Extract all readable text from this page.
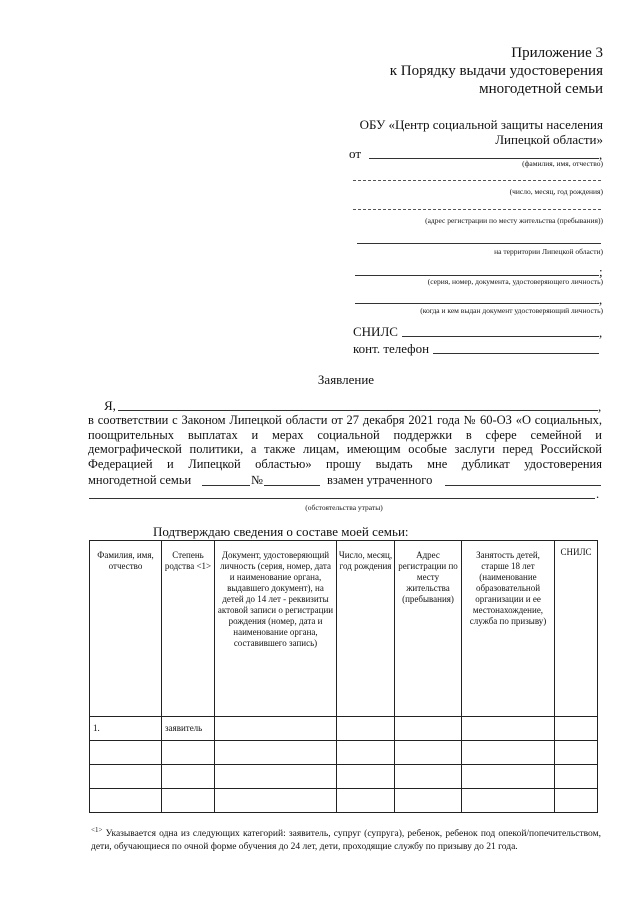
Приложение 3
к Порядку выдачи удостоверения
многодетной семьи
ОБУ «Центр социальной защиты населения
Липецкой области»
от	,
(фамилия, имя, отчество)
(число, месяц, год рождения)
(адрес регистрации по месту жительства (пребывания))
на территории Липецкой области)
;
(серия, номер, документа, удостоверяющего личность)
,
(когда и кем выдан документ удостоверяющий личность)
СНИЛС	,
конт. телефон
Заявление
Я,	,
в соответствии с Законом Липецкой области от 27 декабря 2021 года № 60-ОЗ «О социальных, поощрительных выплатах и мерах социальной поддержки в сфере семейной и демографической политики, а также лицам, имеющим особые заслуги перед Российской Федерацией и Липецкой областью» прошу выдать мне дубликат удостоверения
многодетной семьи	№	взамен утраченного
.
(обстоятельства утраты)
Подтверждаю сведения о составе моей семьи:
Фамилия, имя, отчество	Степень родства <1>	Документ, удостоверяющий личность (серия, номер, дата и наименование органа, выдавшего документ), на детей до 14 лет - реквизиты актовой записи о регистрации рождения (номер, дата и наименование органа, составившего запись)	Число, месяц, год рождения	Адрес регистрации по месту жительства (пребывания)	Занятость детей, старше 18 лет (наименование образовательной организации и ее местонахождение, служба по призыву)	СНИЛС
1.	заявитель					

$^{<1>}$ Указывается одна из следующих категорий: заявитель, супруг (супруга), ребенок, ребенок под опекой/попечительством, дети, обучающиеся по очной форме обучения до 24 лет, дети, проходящие службу по призыву до 21 года.
